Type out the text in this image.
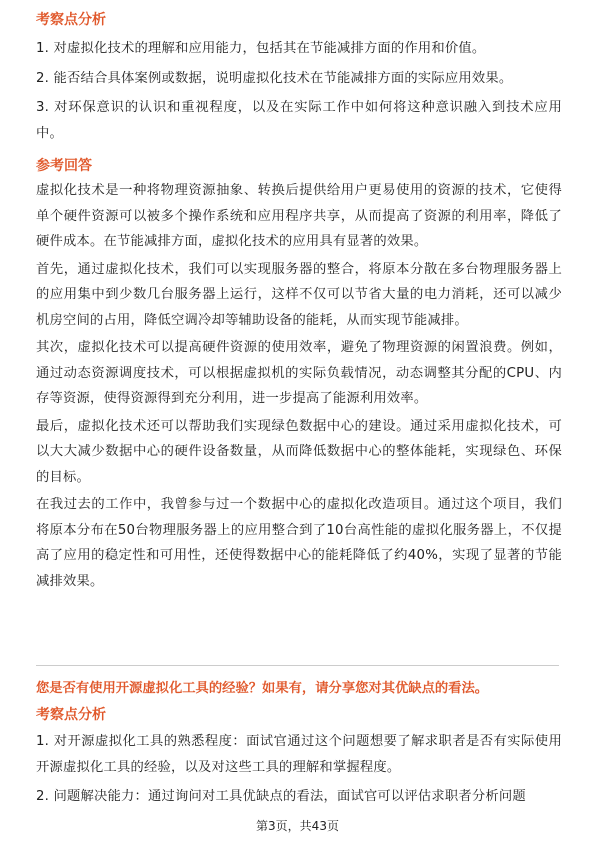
考察点分析

1. 对虚拟化技术的理解和应用能力，包括其在节能减排方面的作用和价值。

2. 能否结合具体案例或数据，说明虚拟化技术在节能减排方面的实际应用效果。

3. 对环保意识的认识和重视程度，以及在实际工作中如何将这种意识融入到技术应用中。

参考回答

虚拟化技术是一种将物理资源抽象、转换后提供给用户更易使用的资源的技术，它使得单个硬件资源可以被多个操作系统和应用程序共享，从而提高了资源的利用率，降低了硬件成本。在节能减排方面，虚拟化技术的应用具有显著的效果。

首先，通过虚拟化技术，我们可以实现服务器的整合，将原本分散在多台物理服务器上的应用集中到少数几台服务器上运行，这样不仅可以节省大量的电力消耗，还可以减少机房空间的占用，降低空调冷却等辅助设备的能耗，从而实现节能减排。

其次，虚拟化技术可以提高硬件资源的使用效率，避免了物理资源的闲置浪费。例如，通过动态资源调度技术，可以根据虚拟机的实际负载情况，动态调整其分配的CPU、内存等资源，使得资源得到充分利用，进一步提高了能源利用效率。

最后，虚拟化技术还可以帮助我们实现绿色数据中心的建设。通过采用虚拟化技术，可以大大减少数据中心的硬件设备数量，从而降低数据中心的整体能耗，实现绿色、环保的目标。

在我过去的工作中，我曾参与过一个数据中心的虚拟化改造项目。通过这个项目，我们将原本分布在50台物理服务器上的应用整合到了10台高性能的虚拟化服务器上，不仅提高了应用的稳定性和可用性，还使得数据中心的能耗降低了约40%，实现了显著的节能减排效果。

您是否有使用开源虚拟化工具的经验？如果有，请分享您对其优缺点的看法。

考察点分析

1. 对开源虚拟化工具的熟悉程度：面试官通过这个问题想要了解求职者是否有实际使用开源虚拟化工具的经验，以及对这些工具的理解和掌握程度。

2. 问题解决能力：通过询问对工具优缺点的看法，面试官可以评估求职者分析问题

第3页，共43页
